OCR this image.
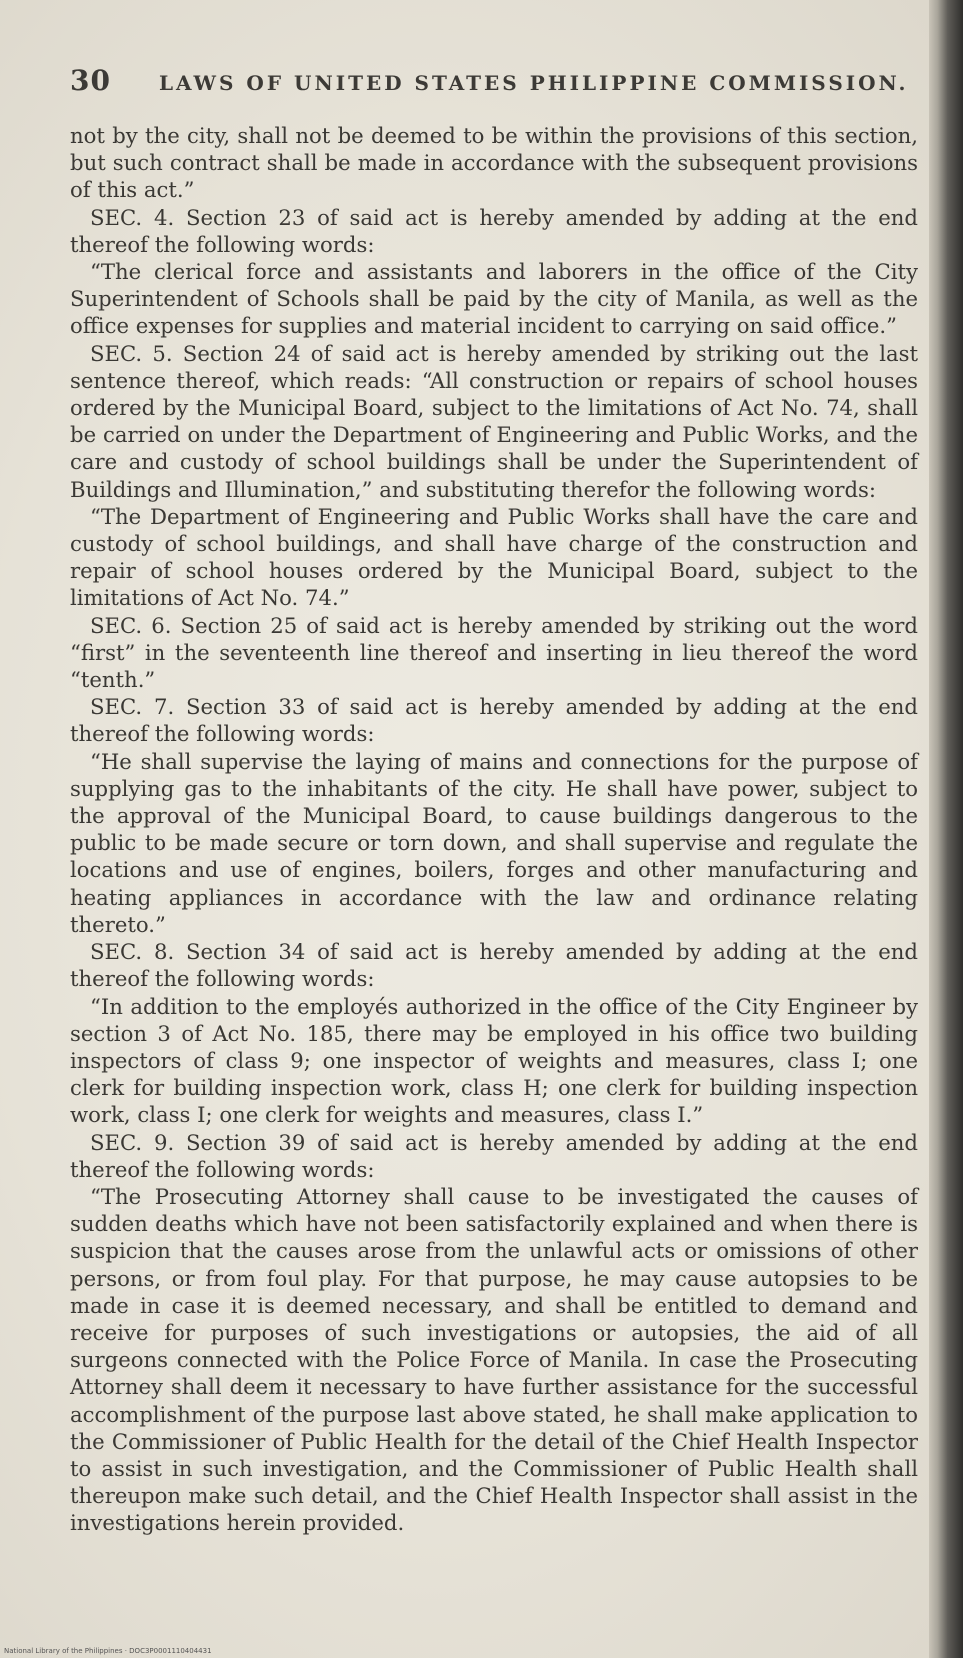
30 LAWS OF UNITED STATES PHILIPPINE COMMISSION.

not by the city, shall not be deemed to be within the provisions of this section, but such contract shall be made in accordance with the subsequent provisions of this act.”

SEC. 4. Section 23 of said act is hereby amended by adding at the end thereof the following words:

“The clerical force and assistants and laborers in the office of the City Superintendent of Schools shall be paid by the city of Manila, as well as the office expenses for supplies and material incident to carrying on said office.”

SEC. 5. Section 24 of said act is hereby amended by striking out the last sentence thereof, which reads: “All construction or repairs of school houses ordered by the Municipal Board, subject to the limitations of Act No. 74, shall be carried on under the Department of Engineering and Public Works, and the care and custody of school buildings shall be under the Superintendent of Buildings and Illumination,” and substituting therefor the following words:

“The Department of Engineering and Public Works shall have the care and custody of school buildings, and shall have charge of the construction and repair of school houses ordered by the Municipal Board, subject to the limitations of Act No. 74.”

SEC. 6. Section 25 of said act is hereby amended by striking out the word “first” in the seventeenth line thereof and inserting in lieu thereof the word “tenth.”

SEC. 7. Section 33 of said act is hereby amended by adding at the end thereof the following words:

“He shall supervise the laying of mains and connections for the purpose of supplying gas to the inhabitants of the city. He shall have power, subject to the approval of the Municipal Board, to cause buildings dangerous to the public to be made secure or torn down, and shall supervise and regulate the locations and use of engines, boilers, forges and other manufacturing and heating appliances in accordance with the law and ordinance relating thereto.”

SEC. 8. Section 34 of said act is hereby amended by adding at the end thereof the following words:

“In addition to the employés authorized in the office of the City Engineer by section 3 of Act No. 185, there may be employed in his office two building inspectors of class 9; one inspector of weights and measures, class I; one clerk for building inspection work, class H; one clerk for building inspection work, class I; one clerk for weights and measures, class I.”

SEC. 9. Section 39 of said act is hereby amended by adding at the end thereof the following words:

“The Prosecuting Attorney shall cause to be investigated the causes of sudden deaths which have not been satisfactorily explained and when there is suspicion that the causes arose from the unlawful acts or omissions of other persons, or from foul play. For that purpose, he may cause autopsies to be made in case it is deemed necessary, and shall be entitled to demand and receive for purposes of such investigations or autopsies, the aid of all surgeons connected with the Police Force of Manila. In case the Prosecuting Attorney shall deem it necessary to have further assistance for the successful accomplishment of the purpose last above stated, he shall make application to the Commissioner of Public Health for the detail of the Chief Health Inspector to assist in such investigation, and the Commissioner of Public Health shall thereupon make such detail, and the Chief Health Inspector shall assist in the investigations herein provided.

National Library of the Philippines · DOC3P0001110404431
